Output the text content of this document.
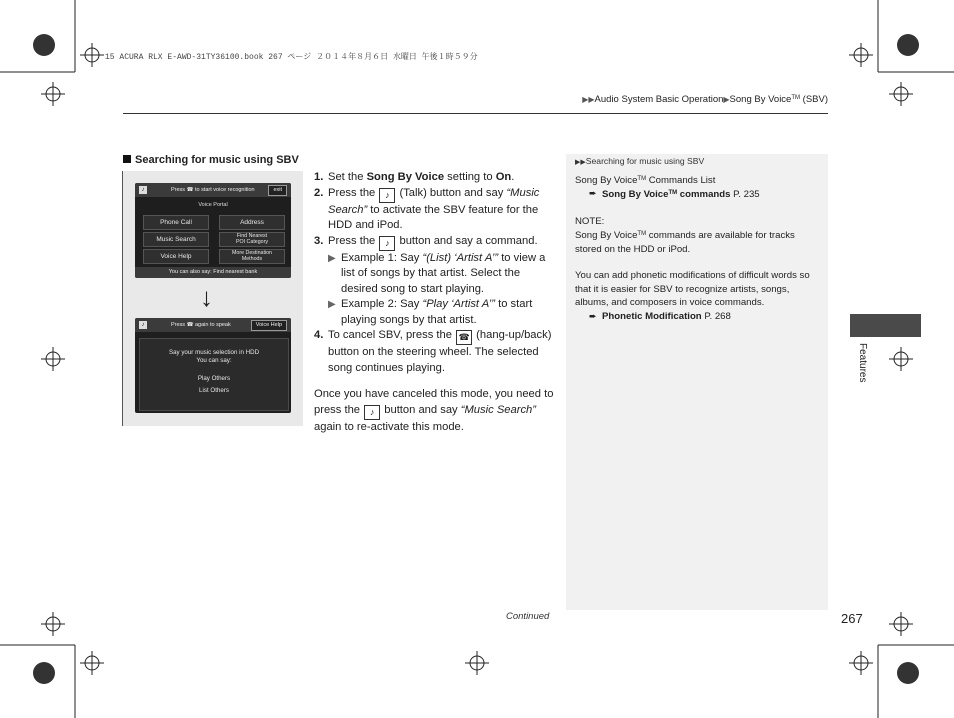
15 ACURA RLX E-AWD-31TY36100.book 267 ページ ２０１４年８月６日 水曜日 午後１時５９分
▶▶Audio System Basic Operation▶Song By Voice™ (SBV)
Searching for music using SBV
♪	Press ☎ to start voice recognition	exit
Voice Portal
Phone Call	Address
Music Search	Find Nearest
POI Category
Voice Help	More Destination
Methods
You can also say: Find nearest bank
♪	Press ☎ again to speak	Voice Help
Say your music selection in HDD
You can say:
Play Others
List Others
↓
1. Set the Song By Voice setting to On.
2. Press the ♪ (Talk) button and say “Music Search” to activate the SBV feature for the HDD and iPod.
3. Press the ♪ button and say a command.
▶ Example 1: Say “(List) ‘Artist A’” to view a list of songs by that artist. Select the desired song to start playing.
▶ Example 2: Say “Play ‘Artist A’” to start playing songs by that artist.
4. To cancel SBV, press the ☎ (hang-up/back) button on the steering wheel. The selected song continues playing.
Once you have canceled this mode, you need to press the ♪ button and say “Music Search” again to re-activate this mode.
▶▶Searching for music using SBV
Song By Voice™ Commands List
➨ Song By Voice™ commands P. 235
NOTE:
Song By Voice™ commands are available for tracks stored on the HDD or iPod.
You can add phonetic modifications of difficult words so that it is easier for SBV to recognize artists, songs, albums, and composers in voice commands.
➨ Phonetic Modification P. 268
Features
Continued	267
